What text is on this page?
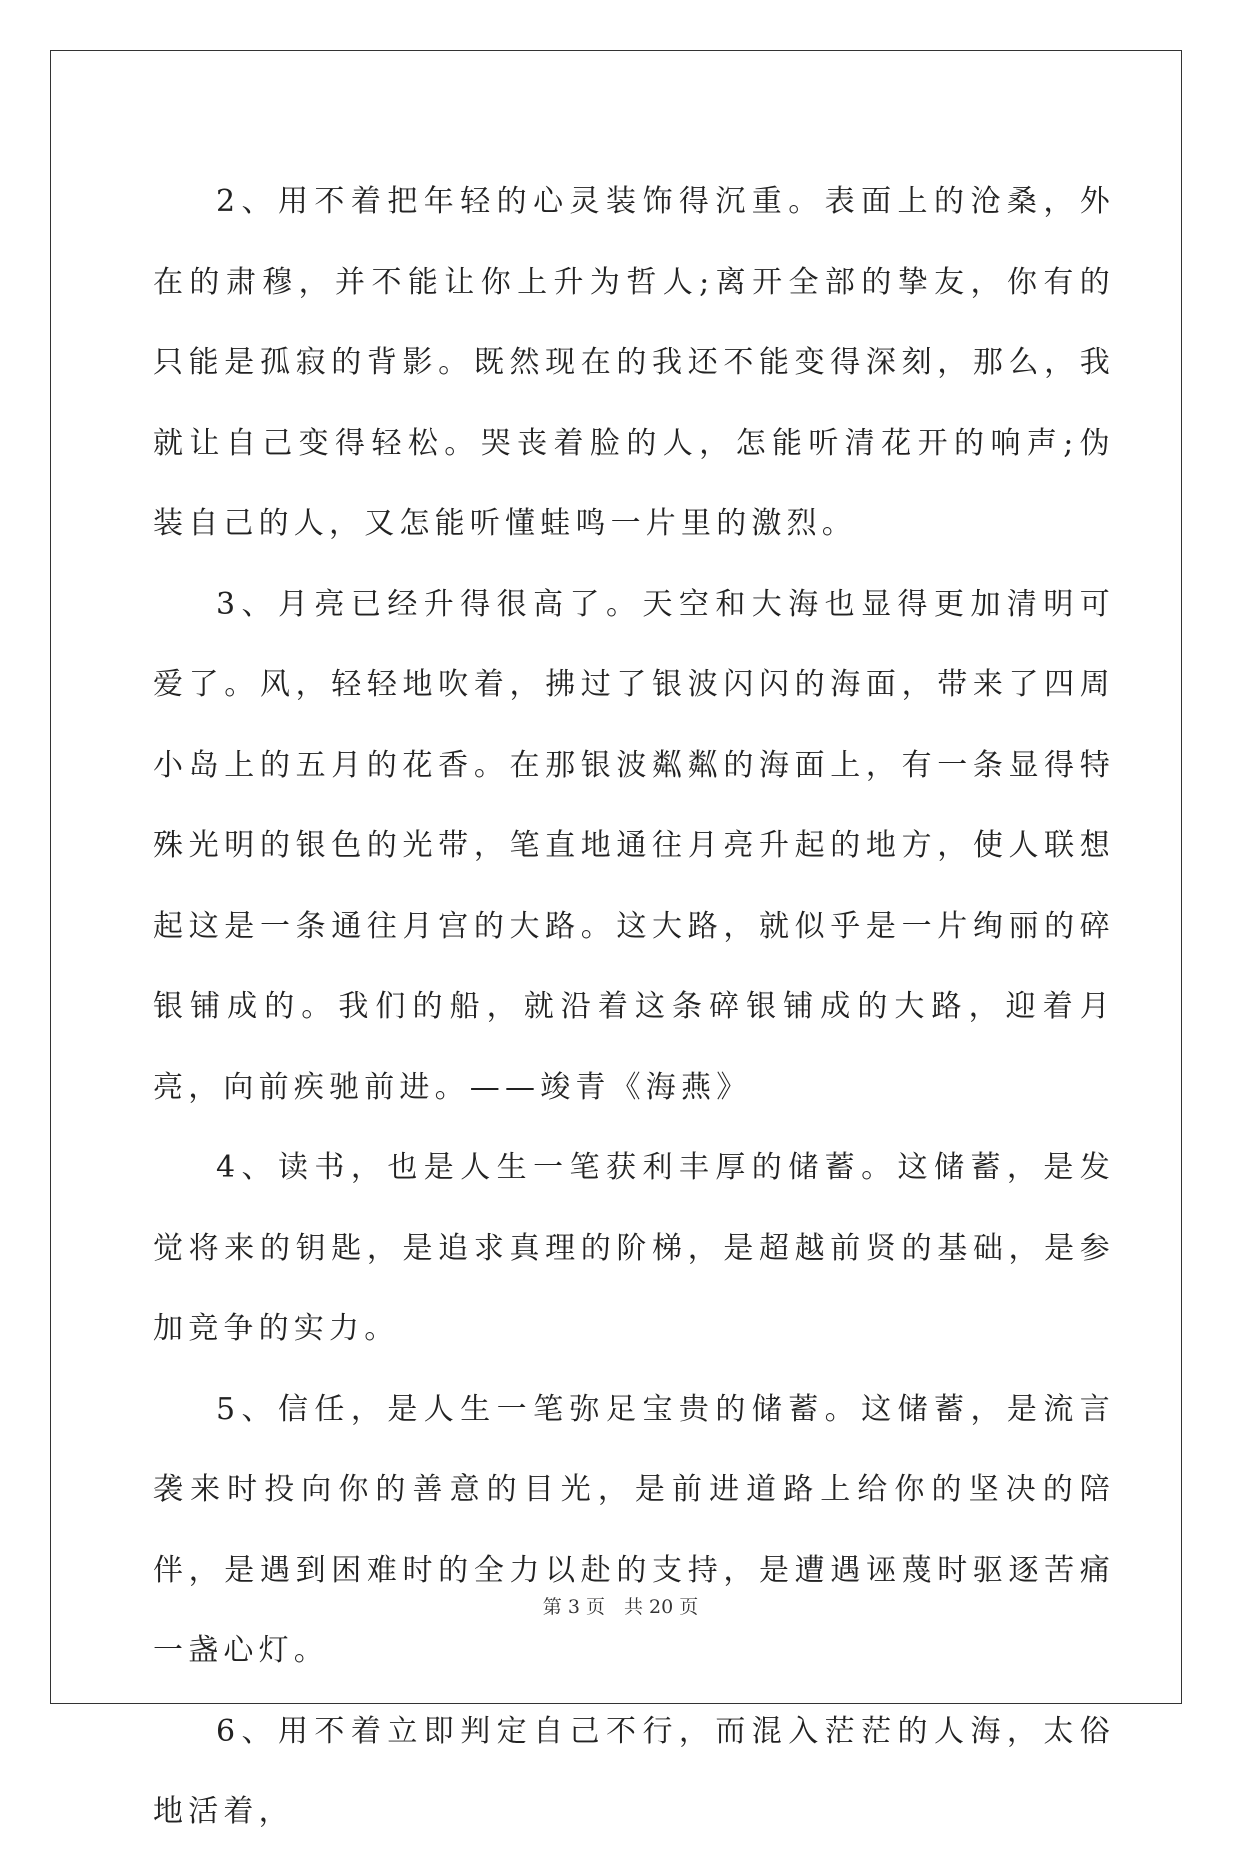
2、用不着把年轻的心灵装饰得沉重。表面上的沧桑，外在的肃穆，并不能让你上升为哲人;离开全部的挚友，你有的只能是孤寂的背影。既然现在的我还不能变得深刻，那么，我就让自己变得轻松。哭丧着脸的人，怎能听清花开的响声;伪装自己的人，又怎能听懂蛙鸣一片里的激烈。

3、月亮已经升得很高了。天空和大海也显得更加清明可爱了。风，轻轻地吹着，拂过了银波闪闪的海面，带来了四周小岛上的五月的花香。在那银波粼粼的海面上，有一条显得特殊光明的银色的光带，笔直地通往月亮升起的地方，使人联想起这是一条通往月宫的大路。这大路，就似乎是一片绚丽的碎银铺成的。我们的船，就沿着这条碎银铺成的大路，迎着月亮，向前疾驰前进。——竣青《海燕》

4、读书，也是人生一笔获利丰厚的储蓄。这储蓄，是发觉将来的钥匙，是追求真理的阶梯，是超越前贤的基础，是参加竞争的实力。

5、信任，是人生一笔弥足宝贵的储蓄。这储蓄，是流言袭来时投向你的善意的目光，是前进道路上给你的坚决的陪伴，是遇到困难时的全力以赴的支持，是遭遇诬蔑时驱逐苦痛一盏心灯。

6、用不着立即判定自己不行，而混入茫茫的人海，太俗地活着，

第 3 页　共 20 页
